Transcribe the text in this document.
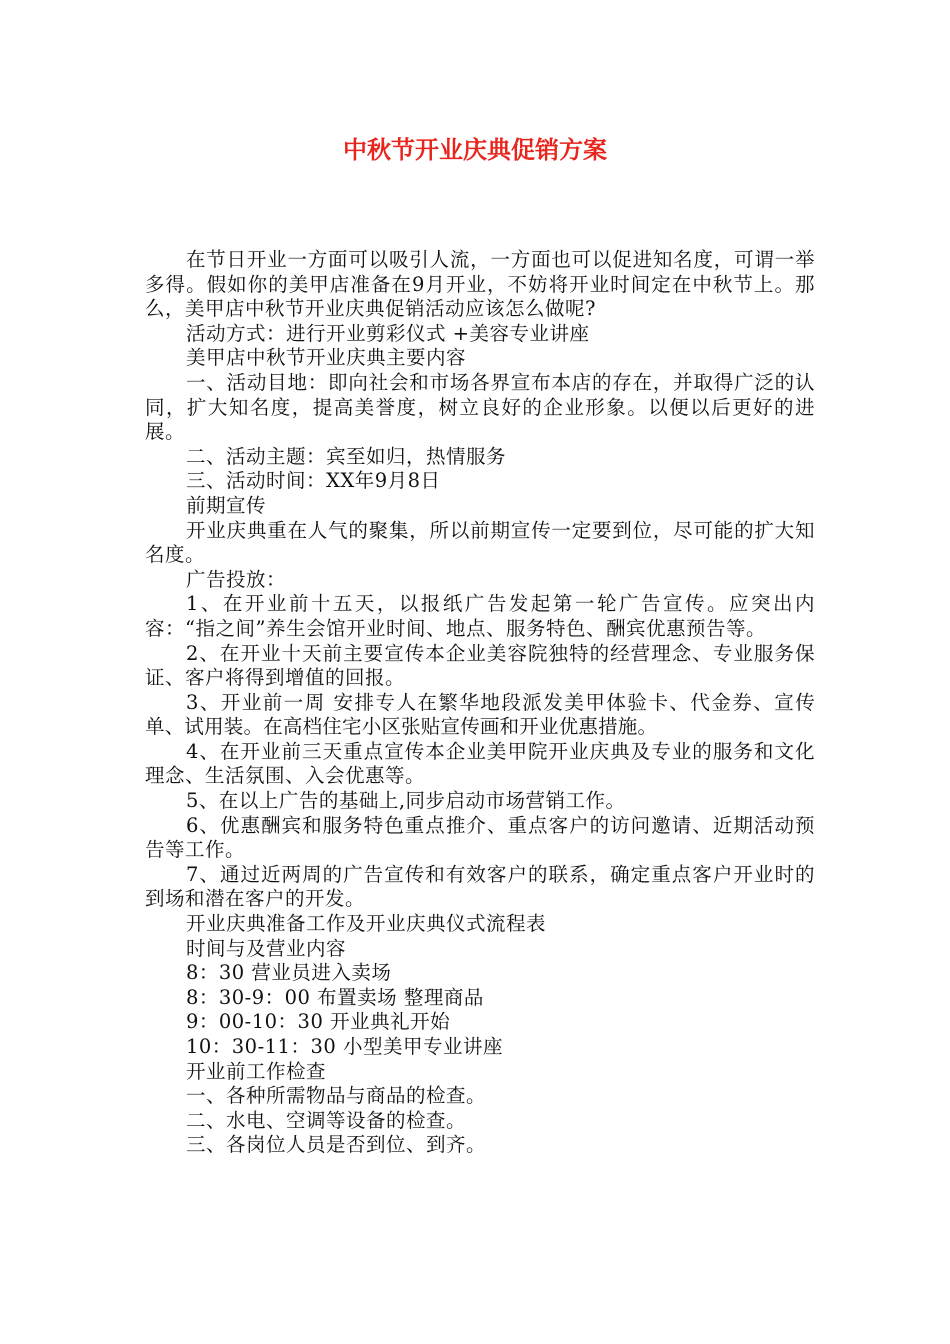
中秋节开业庆典促销方案

在节日开业一方面可以吸引人流，一方面也可以促进知名度，可谓一举多得。假如你的美甲店准备在9月开业，不妨将开业时间定在中秋节上。那么，美甲店中秋节开业庆典促销活动应该怎么做呢?

活动方式：进行开业剪彩仪式 +美容专业讲座

美甲店中秋节开业庆典主要内容

一、活动目地：即向社会和市场各界宣布本店的存在，并取得广泛的认同，扩大知名度，提高美誉度，树立良好的企业形象。以便以后更好的进展。

二、活动主题：宾至如归，热情服务

三、活动时间：XX年9月8日

前期宣传

开业庆典重在人气的聚集，所以前期宣传一定要到位，尽可能的扩大知名度。

广告投放：

1、在开业前十五天，以报纸广告发起第一轮广告宣传。应突出内容：“指之间”养生会馆开业时间、地点、服务特色、酬宾优惠预告等。

2、在开业十天前主要宣传本企业美容院独特的经营理念、专业服务保证、客户将得到增值的回报。

3、开业前一周 安排专人在繁华地段派发美甲体验卡、代金券、宣传单、试用装。在高档住宅小区张贴宣传画和开业优惠措施。

4、在开业前三天重点宣传本企业美甲院开业庆典及专业的服务和文化理念、生活氛围、入会优惠等。

5、在以上广告的基础上,同步启动市场营销工作。

6、优惠酬宾和服务特色重点推介、重点客户的访问邀请、近期活动预告等工作。

7、通过近两周的广告宣传和有效客户的联系，确定重点客户开业时的到场和潜在客户的开发。

开业庆典准备工作及开业庆典仪式流程表

时间与及营业内容

8：30 营业员进入卖场

8：30-9：00 布置卖场 整理商品

9：00-10：30 开业典礼开始

10：30-11：30 小型美甲专业讲座

开业前工作检查

一、各种所需物品与商品的检查。

二、水电、空调等设备的检查。

三、各岗位人员是否到位、到齐。
